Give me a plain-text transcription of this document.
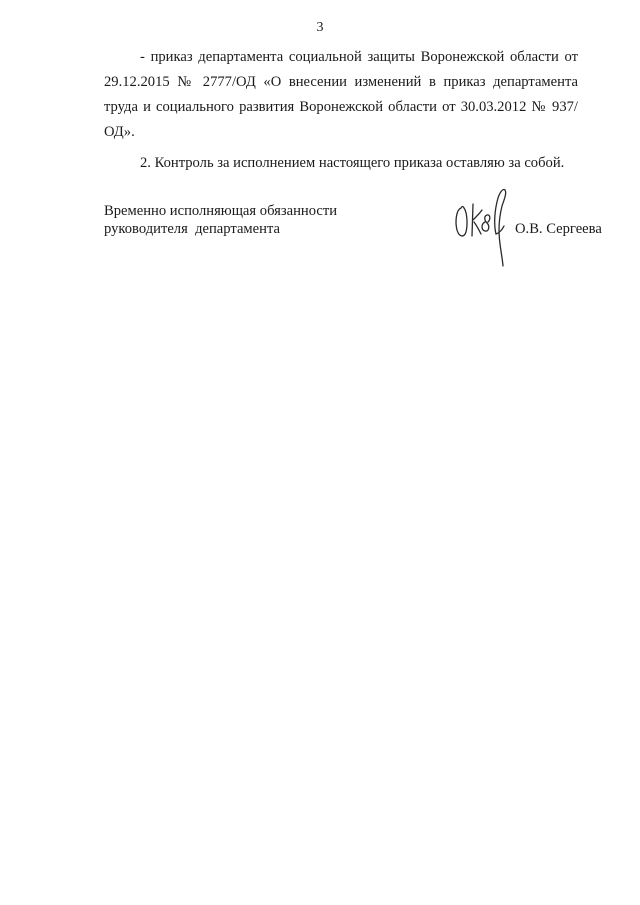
3

- приказ департамента социальной защиты Воронежской области от 29.12.2015 № 2777/ОД «О внесении изменений в приказ департамента труда и социального развития Воронежской области от 30.03.2012 № 937/ОД».

2. Контроль за исполнением настоящего приказа оставляю за собой.

Временно исполняющая обязанности
руководителя  департамента	О.В. Сергеева
